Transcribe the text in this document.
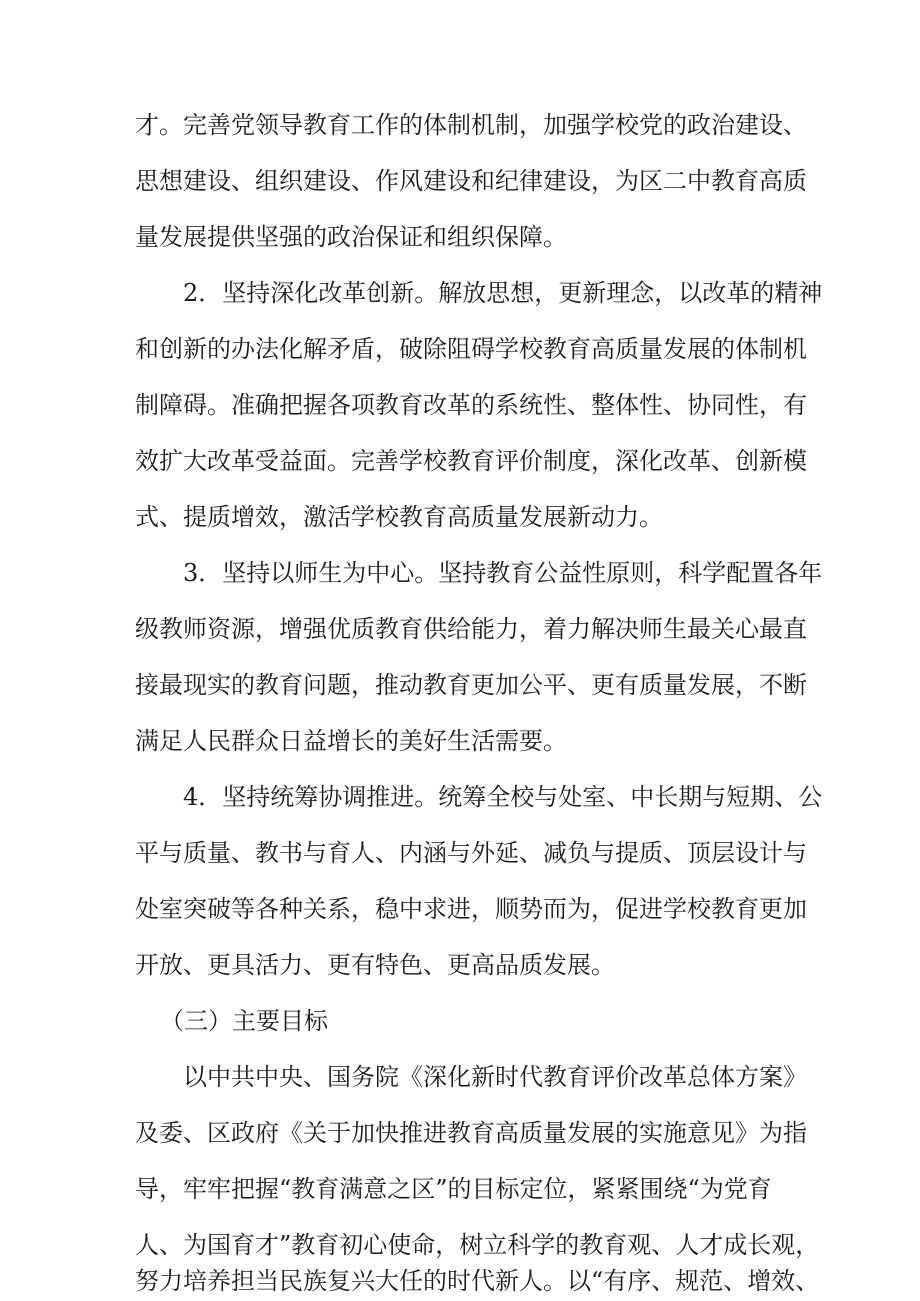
才。完善党领导教育工作的体制机制，加强学校党的政治建设、
思想建设、组织建设、作风建设和纪律建设，为区二中教育高质
量发展提供坚强的政治保证和组织保障。
2．坚持深化改革创新。解放思想，更新理念，以改革的精神
和创新的办法化解矛盾，破除阻碍学校教育高质量发展的体制机
制障碍。准确把握各项教育改革的系统性、整体性、协同性，有
效扩大改革受益面。完善学校教育评价制度，深化改革、创新模
式、提质增效，激活学校教育高质量发展新动力。
3．坚持以师生为中心。坚持教育公益性原则，科学配置各年
级教师资源，增强优质教育供给能力，着力解决师生最关心最直
接最现实的教育问题，推动教育更加公平、更有质量发展，不断
满足人民群众日益增长的美好生活需要。
4．坚持统筹协调推进。统筹全校与处室、中长期与短期、公
平与质量、教书与育人、内涵与外延、减负与提质、顶层设计与
处室突破等各种关系，稳中求进，顺势而为，促进学校教育更加
开放、更具活力、更有特色、更高品质发展。
（三）主要目标
以中共中央、国务院《深化新时代教育评价改革总体方案》
及委、区政府《关于加快推进教育高质量发展的实施意见》为指
导，牢牢把握“教育满意之区”的目标定位，紧紧围绕“为党育
人、为国育才”教育初心使命，树立科学的教育观、人才成长观，
努力培养担当民族复兴大任的时代新人。以“有序、规范、增效、
